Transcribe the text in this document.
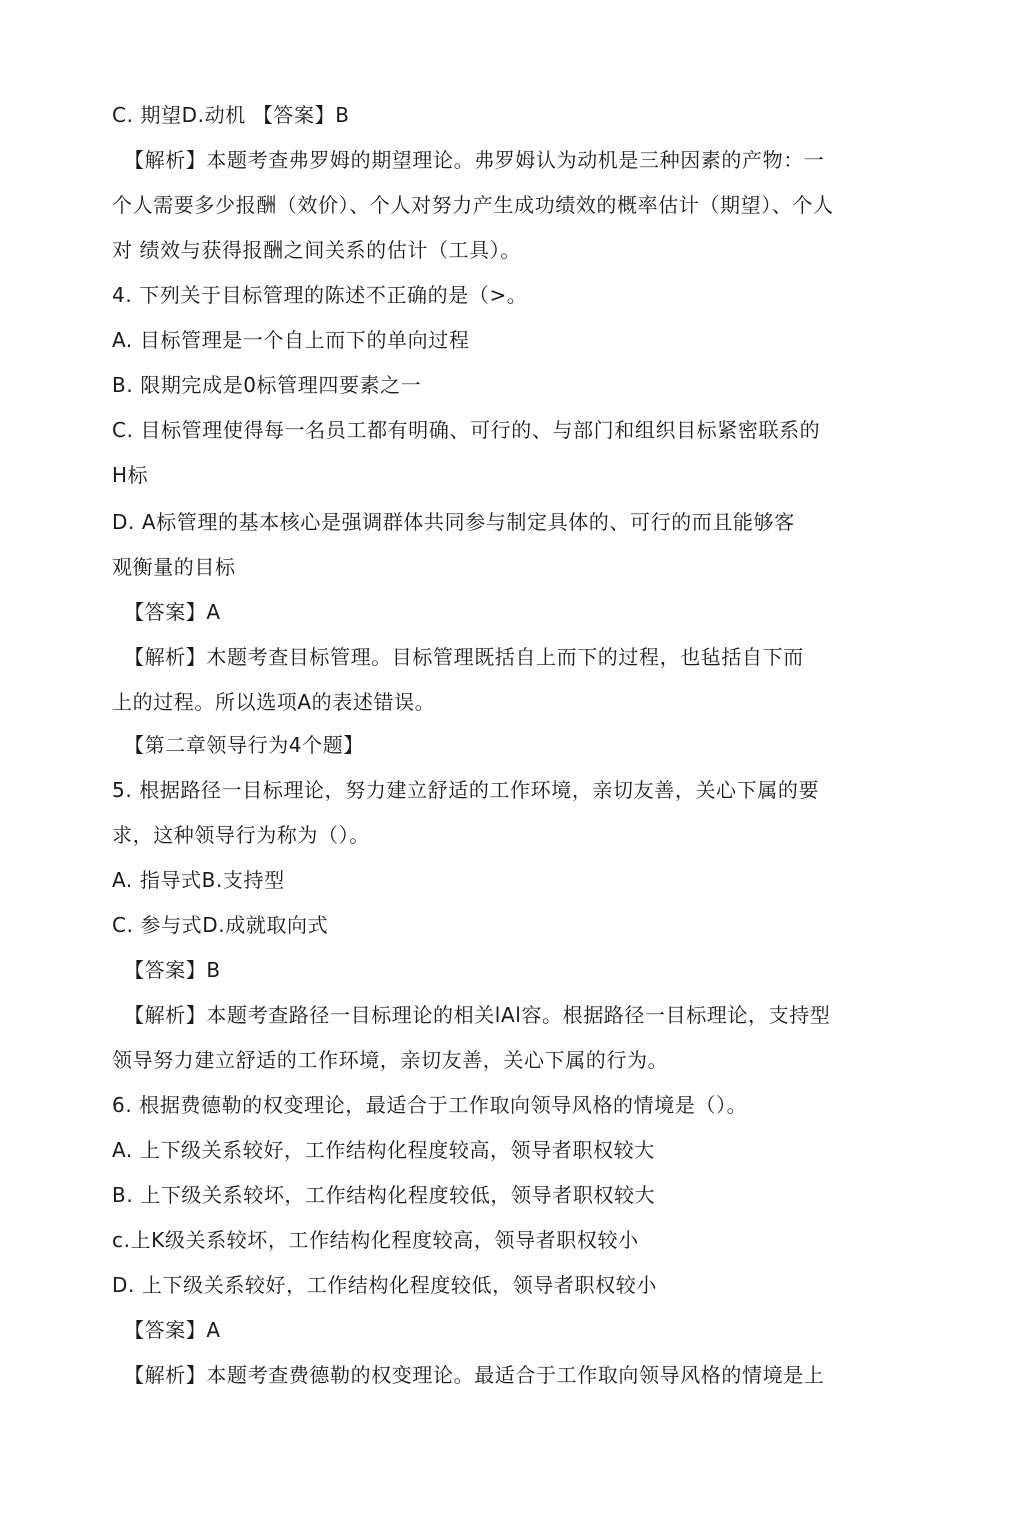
C. 期望D.动机 【答案】B
【解析】本题考查弗罗姆的期望理论。弗罗姆认为动机是三种因素的产物：一
个人需要多少报酬（效价）、个人对努力产生成功绩效的概率估计（期望）、个人
对 绩效与获得报酬之间关系的估计（工具）。
4. 下列关于目标管理的陈述不正确的是（>。
A. 目标管理是一个自上而下的单向过程
B. 限期完成是0标管理四要素之一
C. 目标管理使得每一名员工都有明确、可行的、与部门和组织目标紧密联系的
H标
D. A标管理的基本核心是强调群体共同参与制定具体的、可行的而且能够客
观衡量的目标
【答案】A
【解析】木题考查目标管理。目标管理既括自上而下的过程，也毡括自下而
上的过程。所以选项A的表述错误。
【第二章领导行为4个题】
5. 根据路径一目标理论，努力建立舒适的工作环境，亲切友善，关心下属的要
求，这种领导行为称为（）。
A. 指导式B.支持型
C. 参与式D.成就取向式
【答案】B
【解析】本题考查路径一目标理论的相关lAl容。根据路径一目标理论，支持型
领导努力建立舒适的工作环境，亲切友善，关心下属的行为。
6. 根据费德勒的权变理论，最适合于工作取向领导风格的情境是（）。
A. 上下级关系较好，工作结构化程度较高，领导者职权较大
B. 上下级关系较坏，工作结构化程度较低，领导者职权较大
c.上K级关系较坏，工作结构化程度较高，领导者职权较小
D. 上下级关系较好，工作结构化程度较低，领导者职权较小
【答案】A
【解析】本题考查费德勒的权变理论。最适合于工作取向领导风格的情境是上
